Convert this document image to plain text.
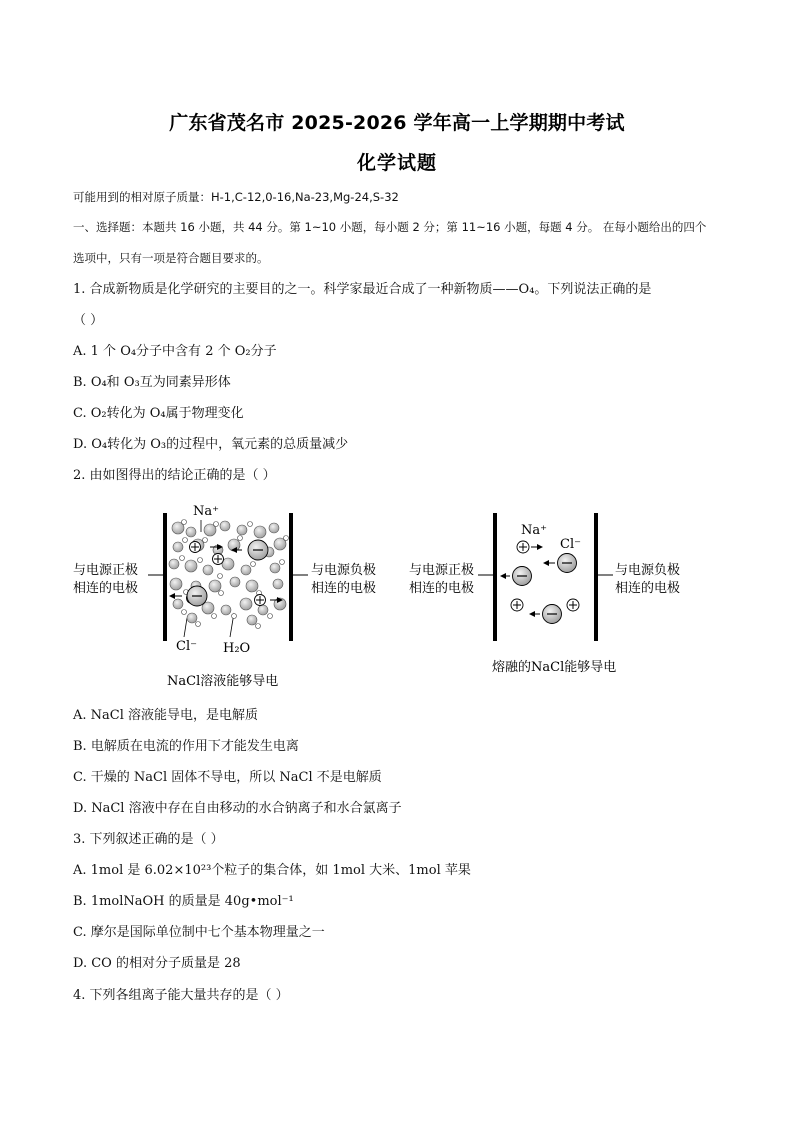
广东省茂名市 2025-2026 学年高一上学期期中考试
化学试题
可能用到的相对原子质量：H-1,C-12,0-16,Na-23,Mg-24,S-32
一、选择题：本题共 16 小题，共 44 分。第 1~10 小题，每小题 2 分；第 11~16 小题，每题 4 分。 在每小题给出的四个
选项中，只有一项是符合题目要求的。
1. 合成新物质是化学研究的主要目的之一。科学家最近合成了一种新物质——O₄。下列说法正确的是
（ ）
A. 1 个 O₄分子中含有 2 个 O₂分子
B. O₄和 O₃互为同素异形体
C. O₂转化为 O₄属于物理变化
D. O₄转化为 O₃的过程中，氧元素的总质量减少
2. 由如图得出的结论正确的是（ ）
与电源正极
相连的电极
与电源负极
相连的电极
Na⁺
Cl⁻ H₂O
NaCl溶液能够导电
与电源正极
相连的电极
与电源负极
相连的电极
Na⁺
Cl⁻
熔融的NaCl能够导电
A. NaCl 溶液能导电，是电解质
B. 电解质在电流的作用下才能发生电离
C. 干燥的 NaCl 固体不导电，所以 NaCl 不是电解质
D. NaCl 溶液中存在自由移动的水合钠离子和水合氯离子
3. 下列叙述正确的是（ ）
A. 1mol 是 6.02×10²³个粒子的集合体，如 1mol 大米、1mol 苹果
B. 1molNaOH 的质量是 40g•mol⁻¹
C. 摩尔是国际单位制中七个基本物理量之一
D. CO 的相对分子质量是 28
4. 下列各组离子能大量共存的是（ ）
